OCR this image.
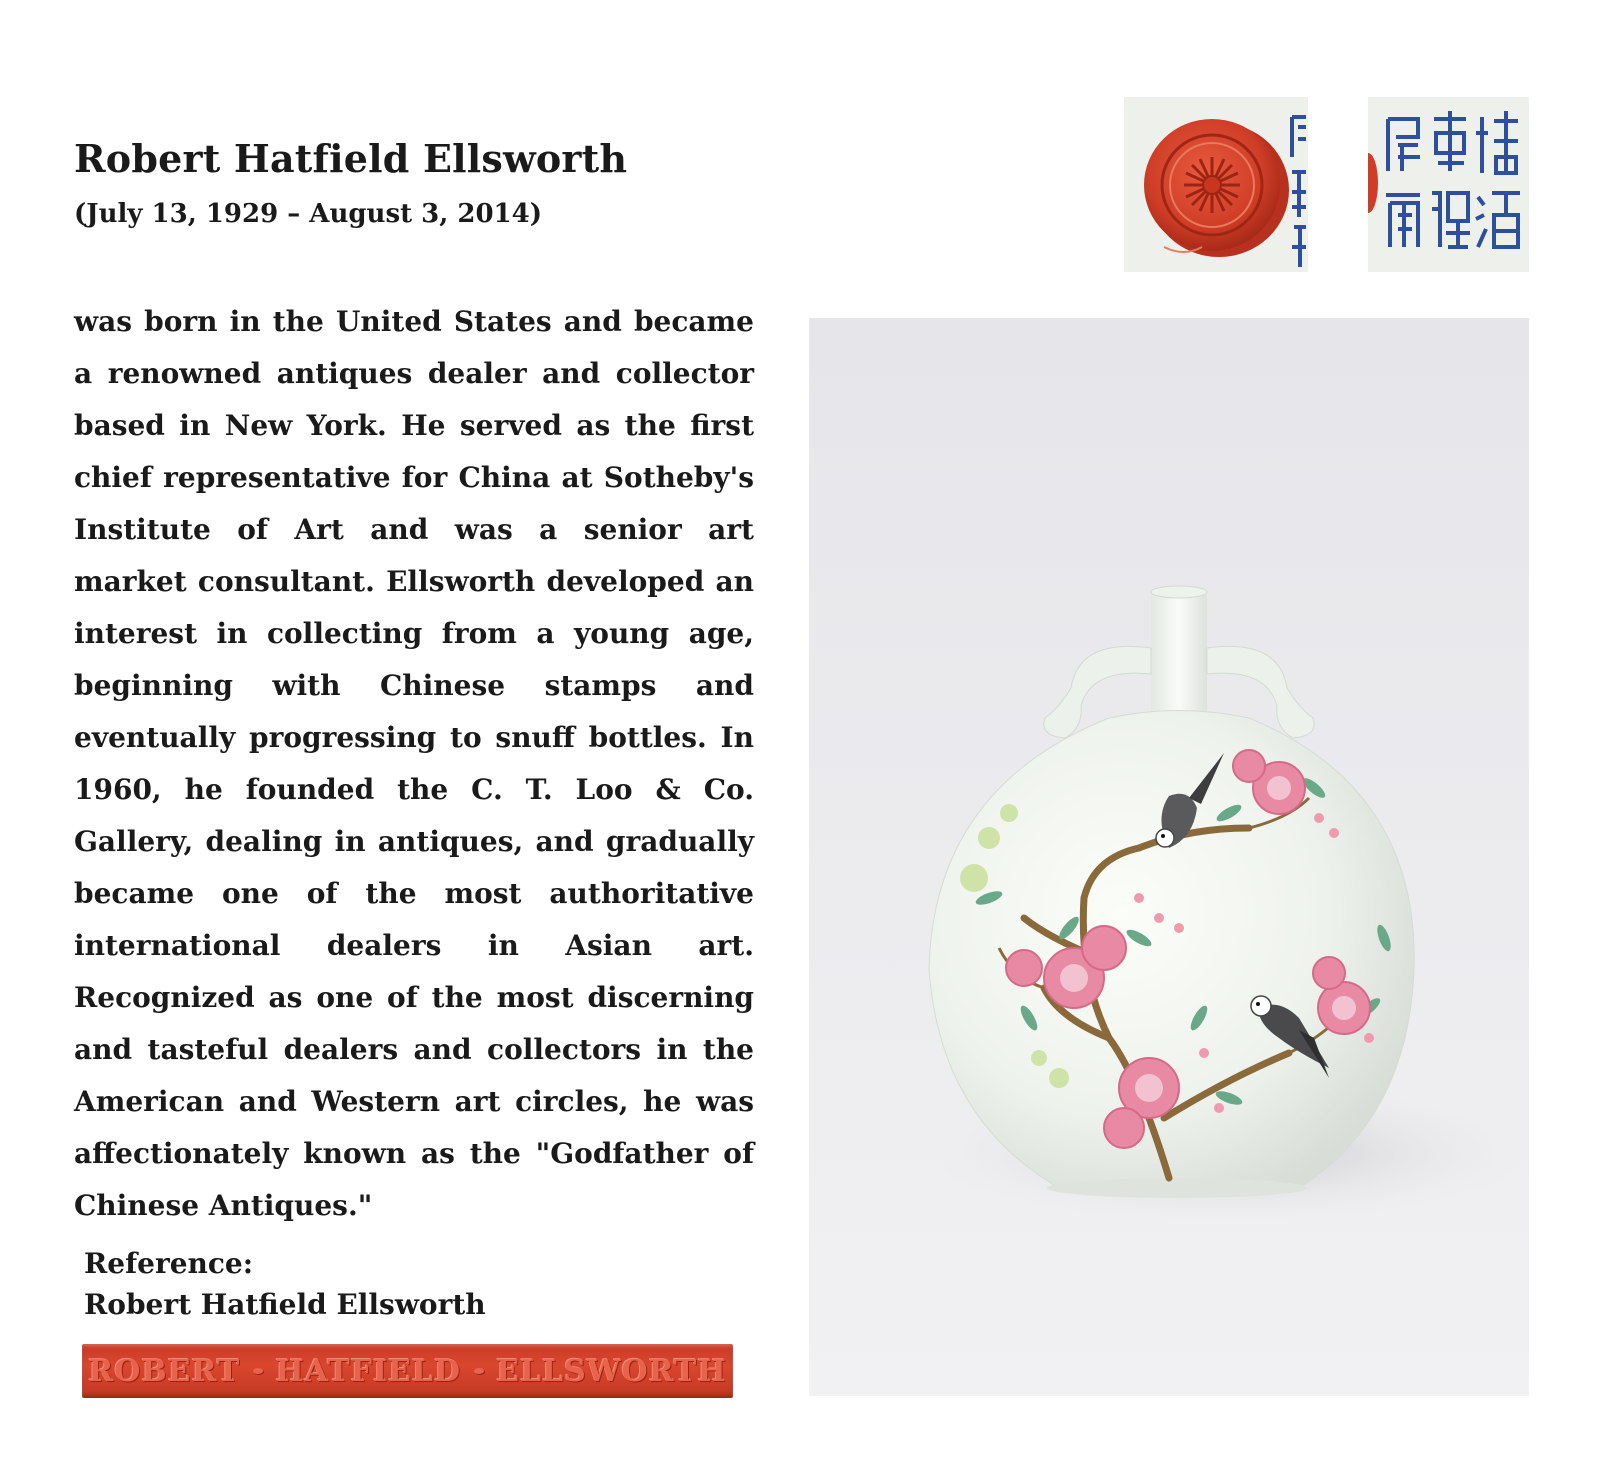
Robert Hatfield Ellsworth
(July 13, 1929 – August 3, 2014)

was born in the United States and became a renowned antiques dealer and collector based in New York. He served as the first chief representative for China at Sotheby's Institute of Art and was a senior art market consultant. Ellsworth developed an interest in collecting from a young age, beginning with Chinese stamps and eventually progressing to snuff bottles. In 1960, he founded the C. T. Loo & Co. Gallery, dealing in antiques, and gradually became one of the most authoritative international dealers in Asian art. Recognized as one of the most discerning and tasteful dealers and collectors in the American and Western art circles, he was affectionately known as the "Godfather of Chinese Antiques."

Reference:
Robert Hatfield Ellsworth
ROBERT HATFIELD ELLSWORTH
